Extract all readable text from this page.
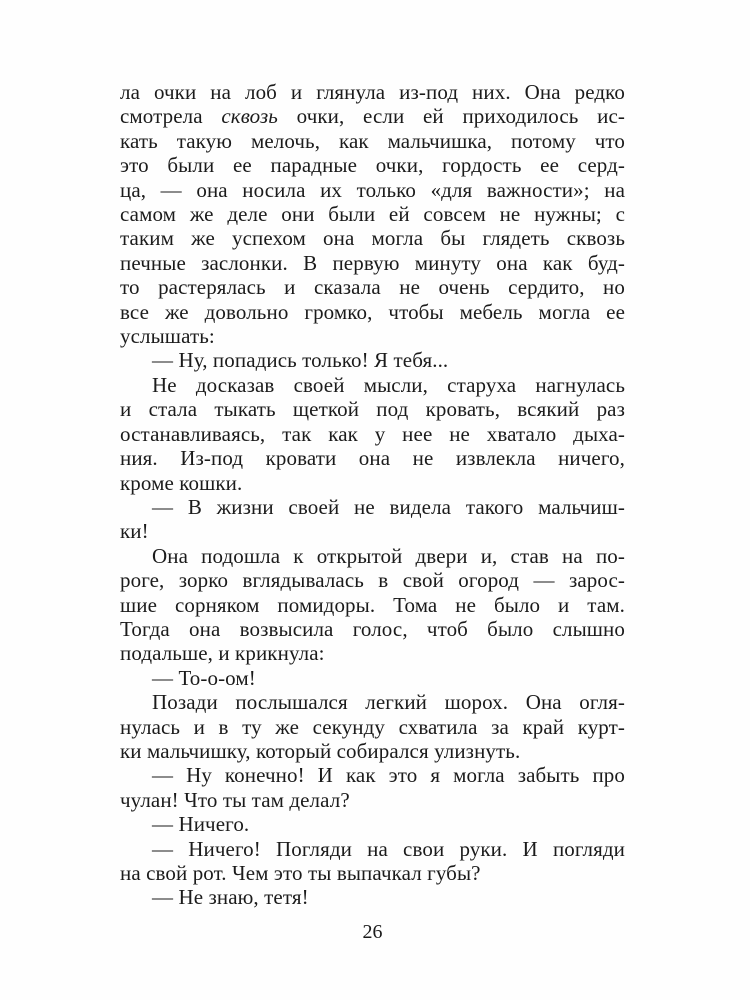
ла очки на лоб и глянула из-под них. Она редко
смотрела сквозь очки, если ей приходилось ис-
кать такую мелочь, как мальчишка, потому что
это были ее парадные очки, гордость ее серд-
ца, — она носила их только «для важности»; на
самом же деле они были ей совсем не нужны; с
таким же успехом она могла бы глядеть сквозь
печные заслонки. В первую минуту она как буд-
то растерялась и сказала не очень сердито, но
все же довольно громко, чтобы мебель могла ее
услышать:
— Ну, попадись только! Я тебя...
Не досказав своей мысли, старуха нагнулась
и стала тыкать щеткой под кровать, всякий раз
останавливаясь, так как у нее не хватало дыха-
ния. Из-под кровати она не извлекла ничего,
кроме кошки.
— В жизни своей не видела такого мальчиш-
ки!
Она подошла к открытой двери и, став на по-
роге, зорко вглядывалась в свой огород — зарос-
шие сорняком помидоры. Тома не было и там.
Тогда она возвысила голос, чтоб было слышно
подальше, и крикнула:
— То-о-ом!
Позади послышался легкий шорох. Она огля-
нулась и в ту же секунду схватила за край курт-
ки мальчишку, который собирался улизнуть.
— Ну конечно! И как это я могла забыть про
чулан! Что ты там делал?
— Ничего.
— Ничего! Погляди на свои руки. И погляди
на свой рот. Чем это ты выпачкал губы?
— Не знаю, тетя!
26
